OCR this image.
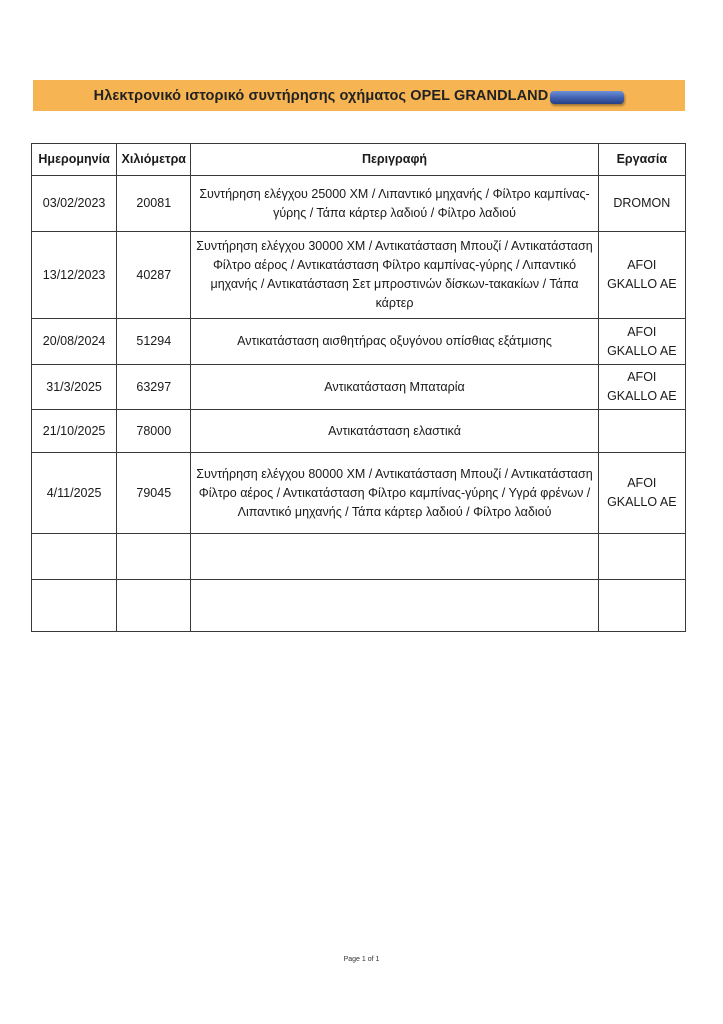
Ηλεκτρονικό ιστορικό συντήρησης οχήματος OPEL GRANDLAND
Ημερομηνία	Χιλιόμετρα	Περιγραφή	Εργασία
03/02/2023	20081	Συντήρηση ελέγχου 25000 ΧΜ / Λιπαντικό μηχανής / Φίλτρο καμπίνας-γύρης / Τάπα κάρτερ λαδιού / Φίλτρο λαδιού	DROMON
13/12/2023	40287	Συντήρηση ελέγχου 30000 ΧΜ / Αντικατάσταση Μπουζί / Αντικατάσταση Φίλτρο αέρος / Αντικατάσταση Φίλτρο καμπίνας-γύρης / Λιπαντικό μηχανής / Αντικατάσταση Σετ μπροστινών δίσκων-τακακίων / Τάπα κάρτερ	AFOI GKALLO AE
20/08/2024	51294	Αντικατάσταση αισθητήρας οξυγόνου οπίσθιας εξάτμισης	AFOI GKALLO AE
31/3/2025	63297	Αντικατάσταση Μπαταρία	AFOI GKALLO AE
21/10/2025	78000	Αντικατάσταση ελαστικά	
4/11/2025	79045	Συντήρηση ελέγχου 80000 ΧΜ / Αντικατάσταση Μπουζί / Αντικατάσταση Φίλτρο αέρος / Αντικατάσταση Φίλτρο καμπίνας-γύρης / Υγρά φρένων / Λιπαντικό μηχανής / Τάπα κάρτερ λαδιού / Φίλτρο λαδιού	AFOI GKALLO AE

Page 1 of 1
